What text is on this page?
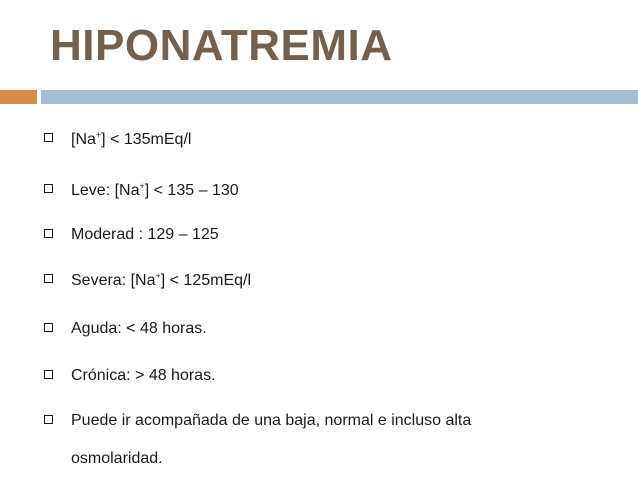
HIPONATREMIA
[Na+] < 135mEq/l
Leve: [Na+] < 135 – 130
Moderad : 129 – 125
Severa: [Na+] < 125mEq/l
Aguda: < 48 horas.
Crónica: > 48 horas.
Puede ir acompañada de una baja, normal e incluso alta osmolaridad.
